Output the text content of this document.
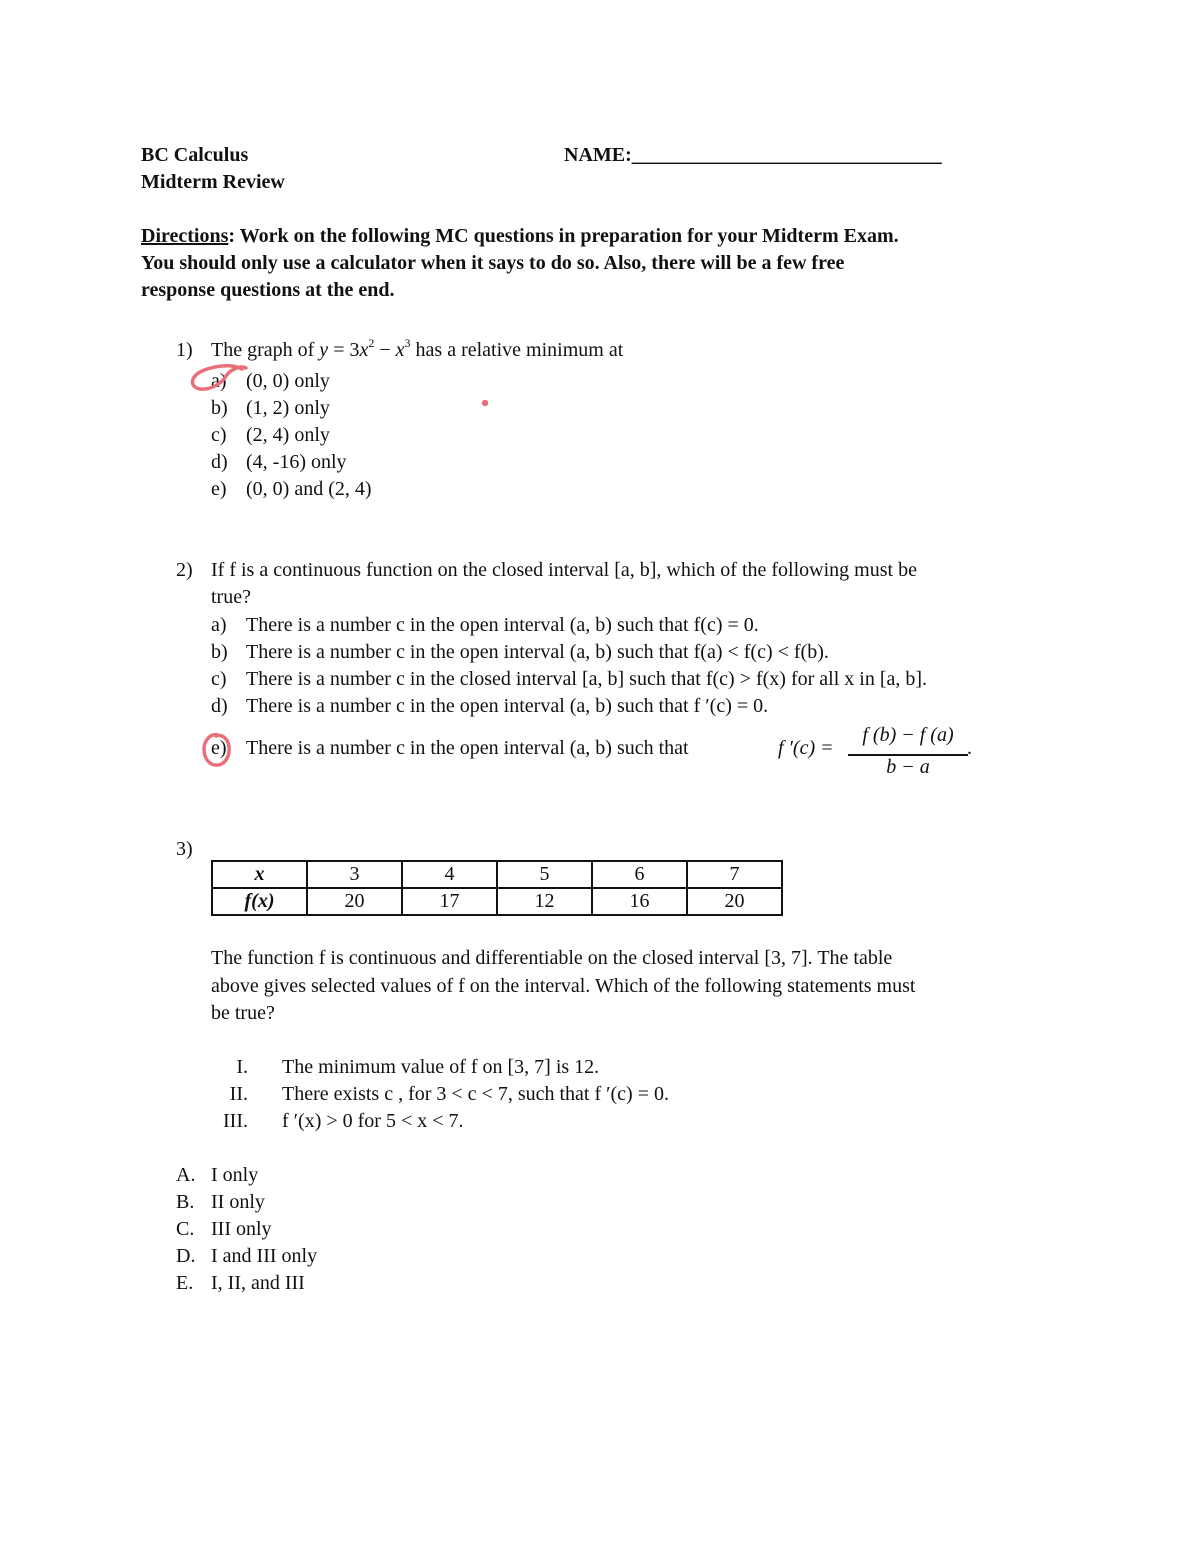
BC Calculus
Midterm Review
NAME:_______________________________
Directions: Work on the following MC questions in preparation for your Midterm Exam.
You should only use a calculator when it says to do so. Also, there will be a few free
response questions at the end.
1) The graph of $y = 3x^2 - x^3$ has a relative minimum at
a) (0, 0) only
b) (1, 2) only
c) (2, 4) only
d) (4, -16) only
e) (0, 0) and (2, 4)
2) If f is a continuous function on the closed interval [a, b], which of the following must be
true?
a) There is a number c in the open interval (a, b) such that f(c) = 0.
b) There is a number c in the open interval (a, b) such that f(a) < f(c) < f(b).
c) There is a number c in the closed interval [a, b] such that f(c) > f(x) for all x in [a, b].
d) There is a number c in the open interval (a, b) such that f ′(c) = 0.
e) There is a number c in the open interval (a, b) such that	f ′(c) =
f (b) − f (a)
b − a
.
3)
x	3	4	5	6	7
f(x)	20	17	12	16	20
The function f is continuous and differentiable on the closed interval [3, 7]. The table
above gives selected values of f on the interval. Which of the following statements must
be true?
I. The minimum value of f on [3, 7] is 12.
II. There exists c , for 3 < c < 7, such that f ′(c) = 0.
III. f ′(x) > 0 for 5 < x < 7.
A. I only
B. II only
C. III only
D. I and III only
E. I, II, and III
